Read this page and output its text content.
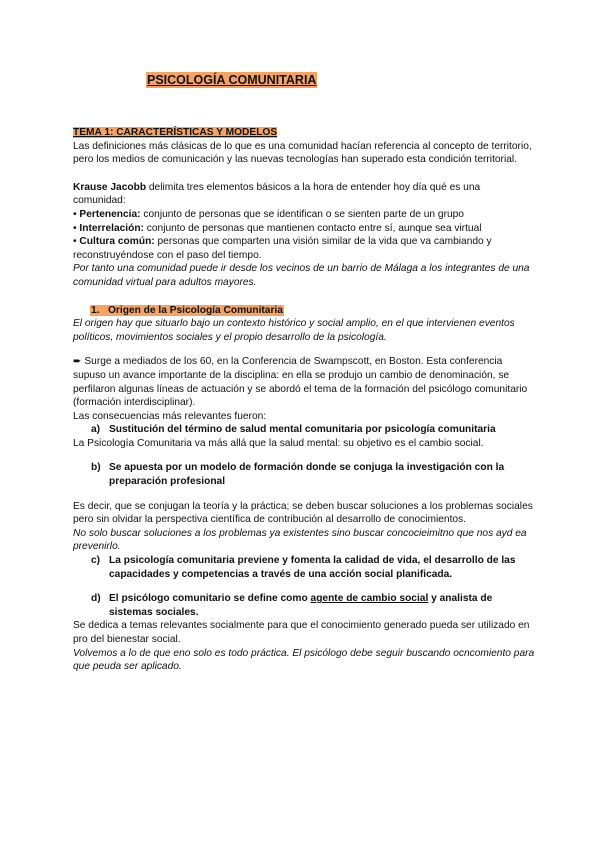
PSICOLOGÍA COMUNITARIA

TEMA 1: CARACTERÍSTICAS Y MODELOS

Las definiciones más clásicas de lo que es una comunidad hacían referencia al concepto de territorio, pero los medios de comunicación y las nuevas tecnologías han superado esta condición territorial.

Krause Jacobb delimita tres elementos básicos a la hora de entender hoy día qué es una comunidad:

• Pertenencia: conjunto de personas que se identifican o se sienten parte de un grupo

• Interrelación: conjunto de personas que mantienen contacto entre sí, aunque sea virtual

• Cultura común: personas que comparten una visión similar de la vida que va cambiando y reconstruyéndose con el paso del tiempo.

Por tanto una comunidad puede ir desde los vecinos de un barrio de Málaga a los integrantes de una comunidad virtual para adultos mayores.

1. Origen de la Psicología Comunitaria

El origen hay que situarlo bajo un contexto histórico y social amplio, en el que intervienen eventos políticos, movimientos sociales y el propio desarrollo de la psicología.

➨ Surge a mediados de los 60, en la Conferencia de Swampscott, en Boston. Esta conferencia supuso un avance importante de la disciplina: en ella se produjo un cambio de denominación, se perfilaron algunas líneas de actuación y se abordó el tema de la formación del psicólogo comunitario (formación interdisciplinar).

Las consecuencias más relevantes fueron:

a) Sustitución del término de salud mental comunitaria por psicología comunitaria

La Psicología Comunitaria va más allá que la salud mental: su objetivo es el cambio social.

b) Se apuesta por un modelo de formación donde se conjuga la investigación con la preparación profesional

Es decir, que se conjugan la teoría y la práctica; se deben buscar soluciones a los problemas sociales pero sin olvidar la perspectiva científica de contribución al desarrollo de conocimientos.

No solo buscar soluciones a los problemas ya existentes sino buscar concocieimitno que nos ayd ea prevenirlo.

c) La psicología comunitaria previene y fomenta la calidad de vida, el desarrollo de las capacidades y competencias a través de una acción social planificada.

d) El psicólogo comunitario se define como agente de cambio social y analista de sistemas sociales.

Se dedica a temas relevantes socialmente para que el conocimiento generado pueda ser utilizado en pro del bienestar social.

Volvemos a lo de que eno solo es todo práctica. El psicólogo debe seguir buscando ocncomiento para que peuda ser aplicado.
